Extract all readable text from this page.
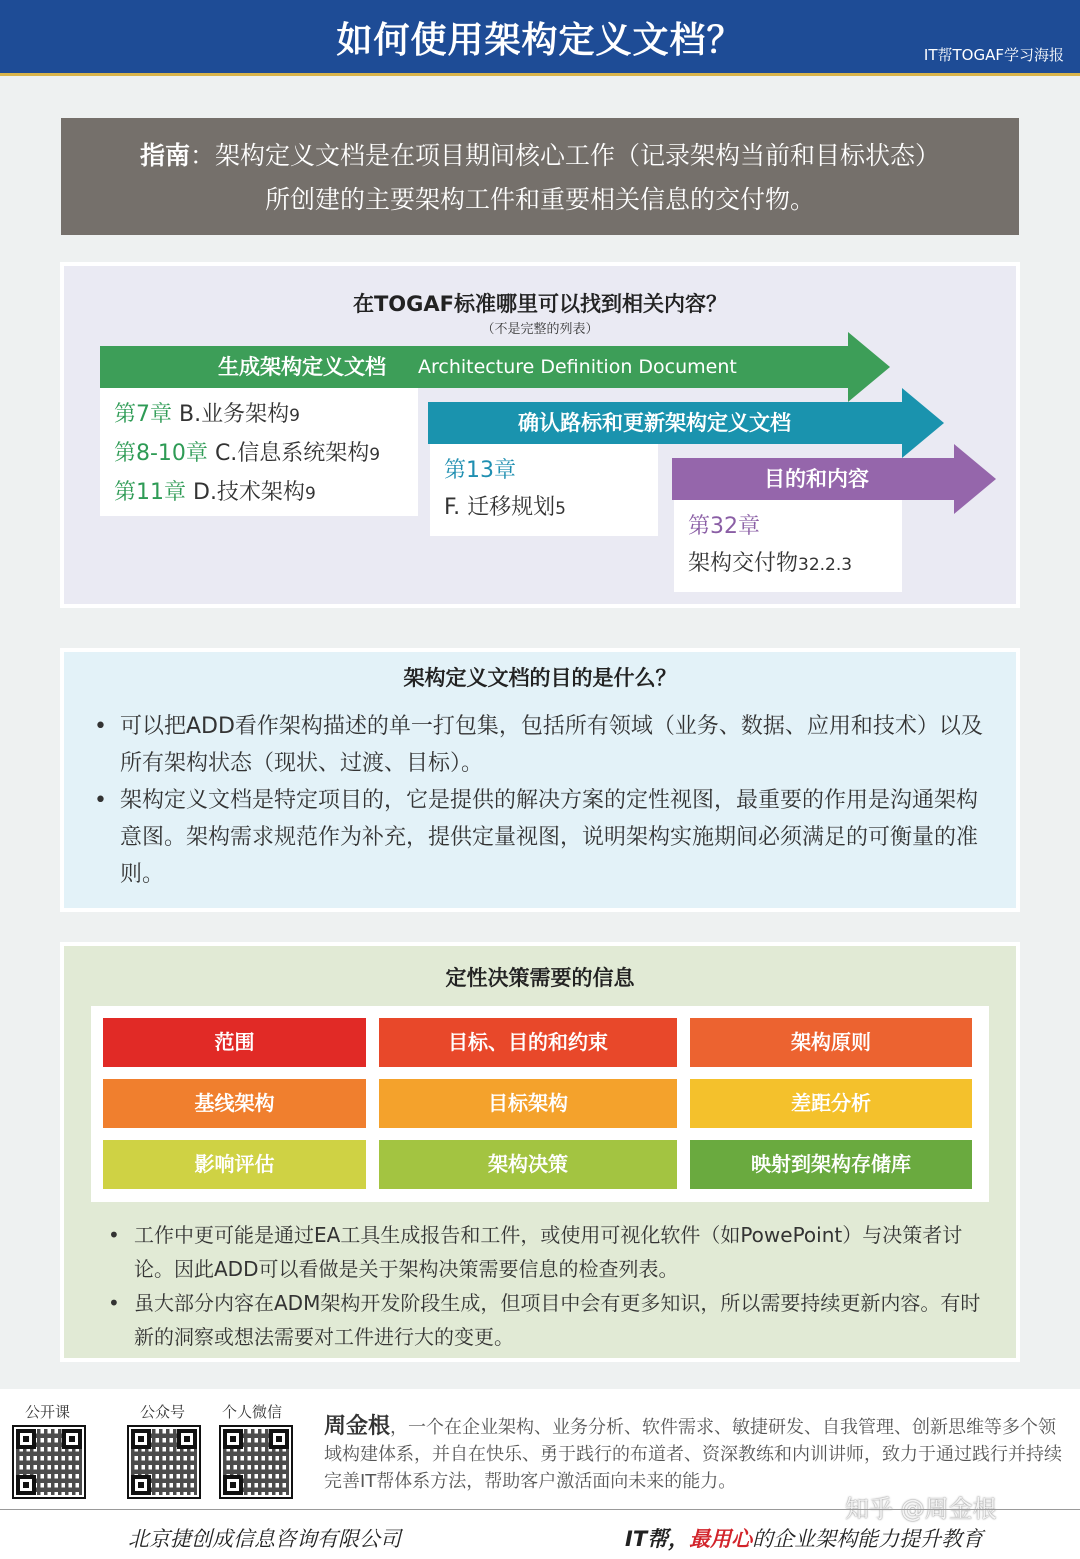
如何使用架构定义文档？	IT帮TOGAF学习海报
指南：架构定义文档是在项目期间核心工作（记录架构当前和目标状态）
所创建的主要架构工件和重要相关信息的交付物。
在TOGAF标准哪里可以找到相关内容？
（不是完整的列表）
生成架构定义文档 Architecture Definition Document
第7章 B.业务架构9
第8-10章 C.信息系统架构9
第11章 D.技术架构9
确认路标和更新架构定义文档
第13章
F. 迁移规划5
目的和内容
第32章
架构交付物32.2.3
架构定义文档的目的是什么？
• 可以把ADD看作架构描述的单一打包集，包括所有领域（业务、数据、应用和技术）以及所有架构状态（现状、过渡、目标）。
• 架构定义文档是特定项目的，它是提供的解决方案的定性视图，最重要的作用是沟通架构意图。架构需求规范作为补充，提供定量视图，说明架构实施期间必须满足的可衡量的准则。
定性决策需要的信息
范围	目标、目的和约束	架构原则
基线架构	目标架构	差距分析
影响评估	架构决策	映射到架构存储库
• 工作中更可能是通过EA工具生成报告和工件，或使用可视化软件（如PowePoint）与决策者讨论。因此ADD可以看做是关于架构决策需要信息的检查列表。
• 虽大部分内容在ADM架构开发阶段生成，但项目中会有更多知识，所以需要持续更新内容。有时新的洞察或想法需要对工件进行大的变更。
公开课	公众号 个人微信
周金根，一个在企业架构、业务分析、软件需求、敏捷研发、自我管理、创新思维等多个领域构建体系，并自在快乐、勇于践行的布道者、资深教练和内训讲师，致力于通过践行并持续完善IT帮体系方法，帮助客户激活面向未来的能力。
知乎 @周金根
北京捷创成信息咨询有限公司	IT帮，最用心的企业架构能力提升教育
